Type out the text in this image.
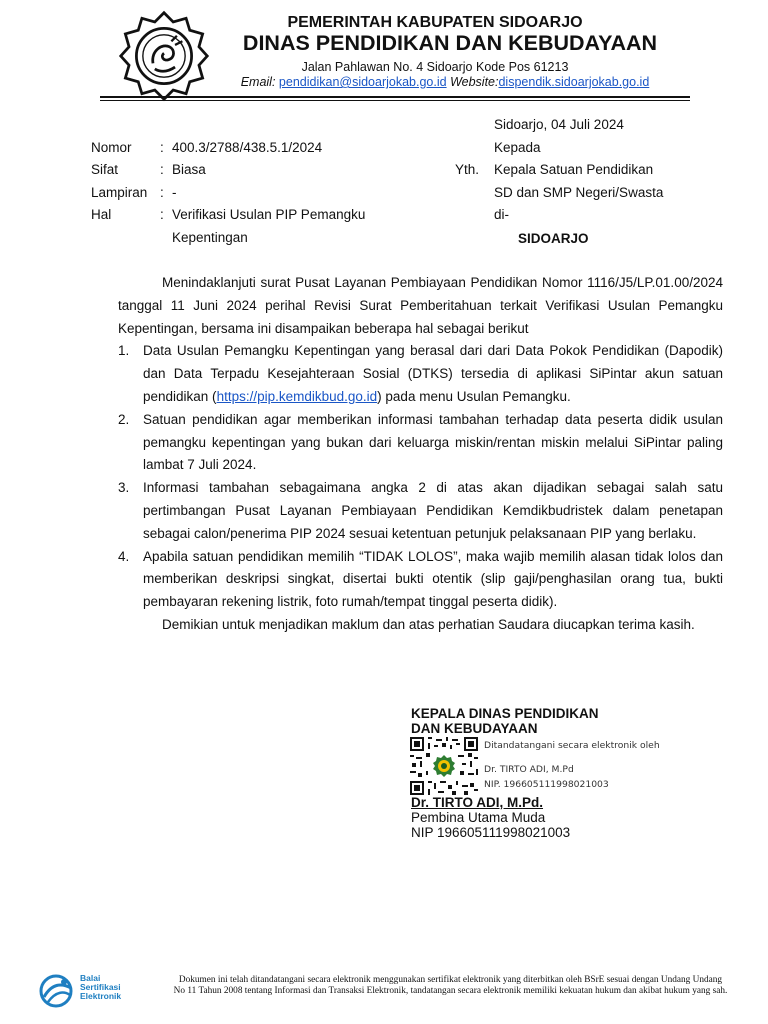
PEMERINTAH KABUPATEN SIDOARJO
DINAS PENDIDIKAN DAN KEBUDAYAAN
Jalan Pahlawan No. 4 Sidoarjo Kode Pos 61213
Email: pendidikan@sidoarjokab.go.id Website:dispendik.sidoarjokab.go.id
Nomor	: 400.3/2788/438.5.1/2024
Sifat	: Biasa
Lampiran : -
Hal	: Verifikasi Usulan PIP Pemangku
Kepentingan
Sidoarjo, 04 Juli 2024
Kepada
Yth. Kepala Satuan Pendidikan
SD dan SMP Negeri/Swasta
di-
SIDOARJO

Menindaklanjuti surat Pusat Layanan Pembiayaan Pendidikan Nomor 1116/J5/LP.01.00/2024 tanggal 11 Juni 2024 perihal Revisi Surat Pemberitahuan terkait Verifikasi Usulan Pemangku Kepentingan, bersama ini disampaikan beberapa hal sebagai berikut

1. Data Usulan Pemangku Kepentingan yang berasal dari dari Data Pokok Pendidikan (Dapodik) dan Data Terpadu Kesejahteraan Sosial (DTKS) tersedia di aplikasi SiPintar akun satuan pendidikan (https://pip.kemdikbud.go.id) pada menu Usulan Pemangku.
2. Satuan pendidikan agar memberikan informasi tambahan terhadap data peserta didik usulan pemangku kepentingan yang bukan dari keluarga miskin/rentan miskin melalui SiPintar paling lambat 7 Juli 2024.
3. Informasi tambahan sebagaimana angka 2 di atas akan dijadikan sebagai salah satu pertimbangan Pusat Layanan Pembiayaan Pendidikan Kemdikbudristek dalam penetapan sebagai calon/penerima PIP 2024 sesuai ketentuan petunjuk pelaksanaan PIP yang berlaku.
4. Apabila satuan pendidikan memilih “TIDAK LOLOS”, maka wajib memilih alasan tidak lolos dan memberikan deskripsi singkat, disertai bukti otentik (slip gaji/penghasilan orang tua, bukti pembayaran rekening listrik, foto rumah/tempat tinggal peserta didik).

Demikian untuk menjadikan maklum dan atas perhatian Saudara diucapkan terima kasih.

KEPALA DINAS PENDIDIKAN
DAN KEBUDAYAAN
Ditandatangani secara elektronik oleh
Dr. TIRTO ADI, M.Pd
NIP. 196605111998021003
Dr. TIRTO ADI, M.Pd.
Pembina Utama Muda
NIP 196605111998021003
Balai
Sertifikasi
Elektronik
Dokumen ini telah ditandatangani secara elektronik menggunakan sertifikat elektronik yang diterbitkan oleh BSrE sesuai dengan Undang Undang
No 11 Tahun 2008 tentang Informasi dan Transaksi Elektronik, tandatangan secara elektronik memiliki kekuatan hukum dan akibat hukum yang sah.
